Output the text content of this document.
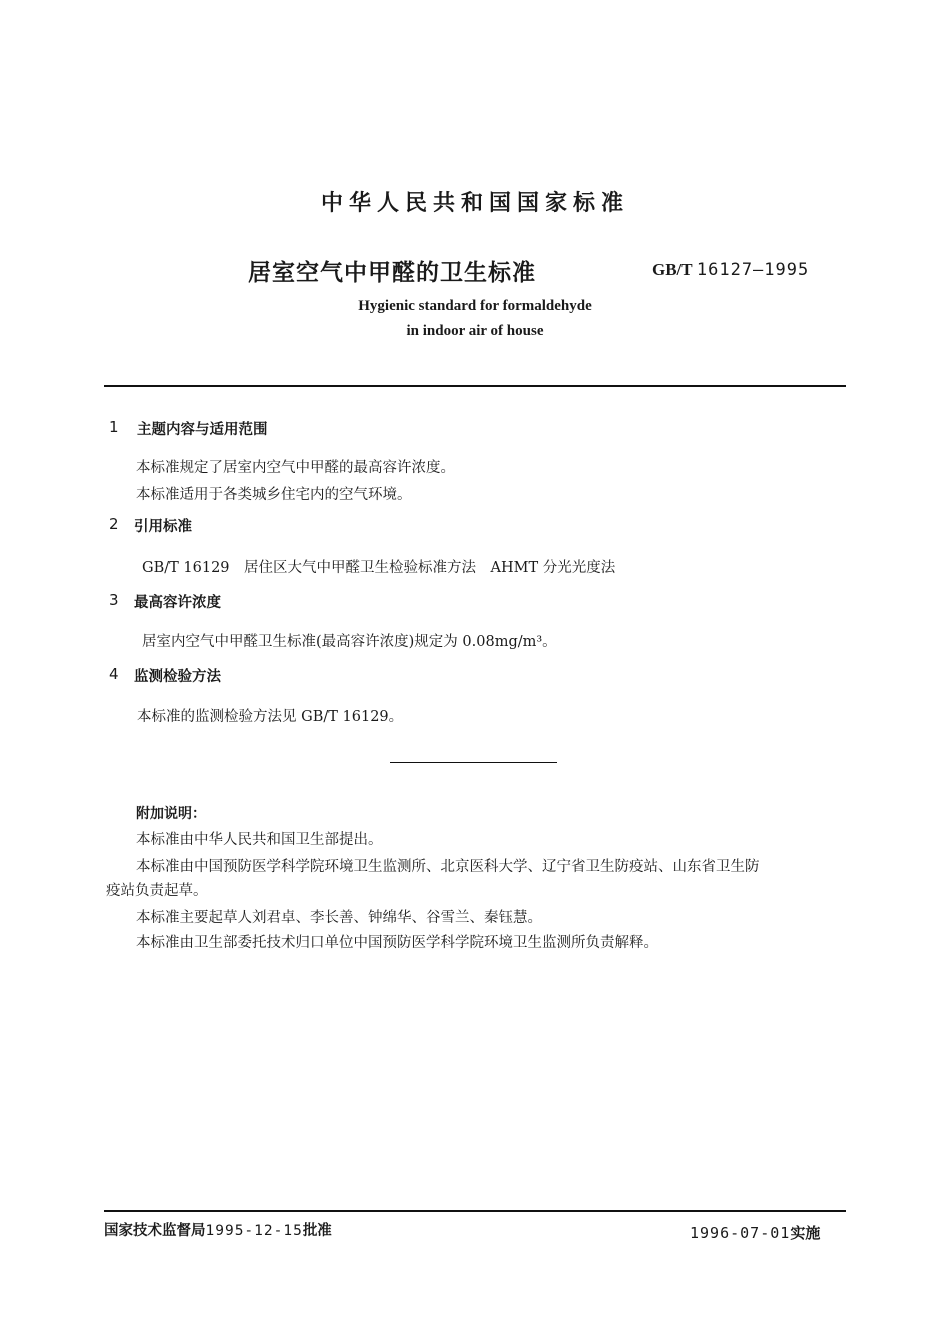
中华人民共和国国家标准
居室空气中甲醛的卫生标准	GB/T 16127—1995
Hygienic standard for formaldehyde
in indoor air of house
1 主题内容与适用范围
本标准规定了居室内空气中甲醛的最高容许浓度。
本标准适用于各类城乡住宅内的空气环境。
2 引用标准
GB/T 16129　居住区大气中甲醛卫生检验标准方法　AHMT 分光光度法
3 最高容许浓度
居室内空气中甲醛卫生标准(最高容许浓度)规定为 0.08mg/m³。
4 监测检验方法
本标准的监测检验方法见 GB/T 16129。
附加说明：
本标准由中华人民共和国卫生部提出。
本标准由中国预防医学科学院环境卫生监测所、北京医科大学、辽宁省卫生防疫站、山东省卫生防
疫站负责起草。
本标准主要起草人刘君卓、李长善、钟绵华、谷雪兰、秦钰慧。
本标准由卫生部委托技术归口单位中国预防医学科学院环境卫生监测所负责解释。
国家技术监督局1995-12-15批准	1996-07-01实施
